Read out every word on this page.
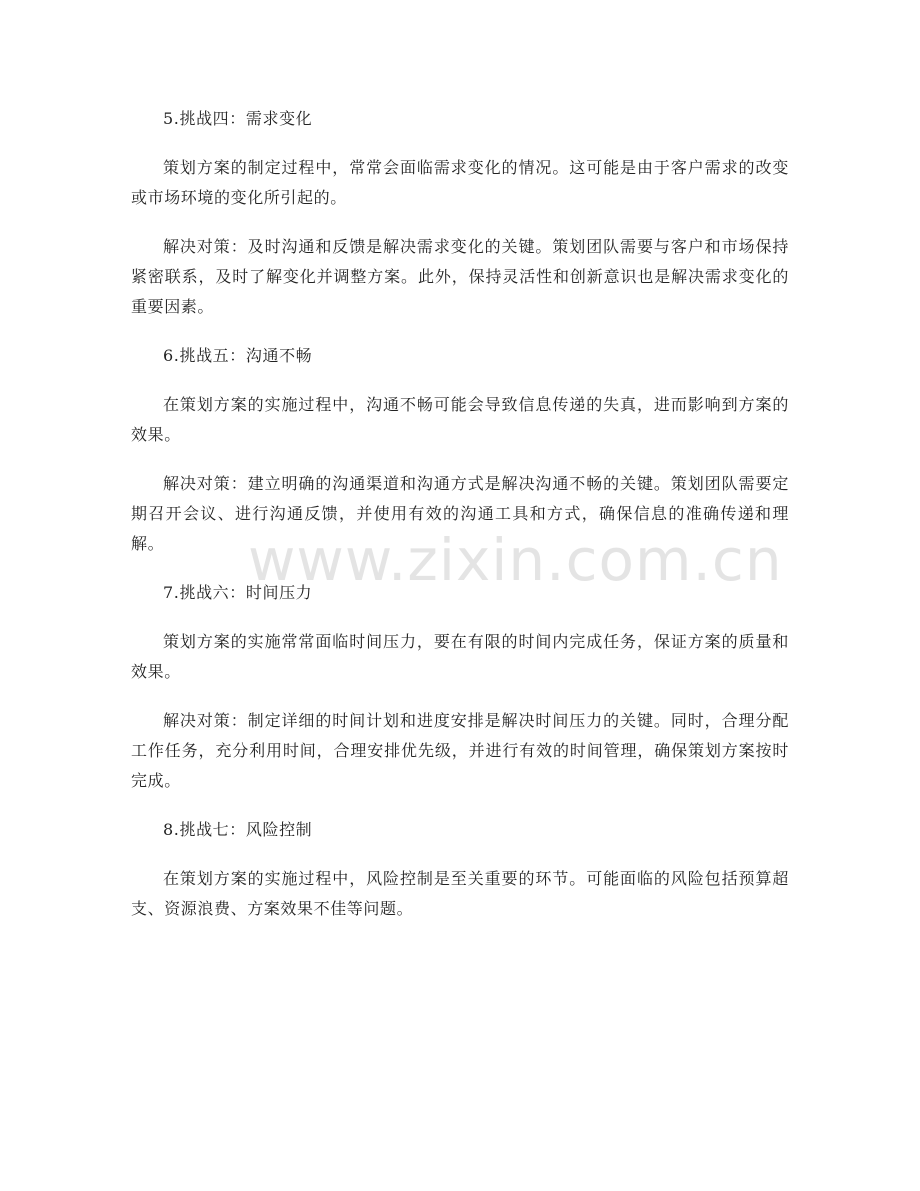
5.挑战四：需求变化

策划方案的制定过程中，常常会面临需求变化的情况。这可能是由于客户需求的改变或市场环境的变化所引起的。

解决对策：及时沟通和反馈是解决需求变化的关键。策划团队需要与客户和市场保持紧密联系，及时了解变化并调整方案。此外，保持灵活性和创新意识也是解决需求变化的重要因素。

6.挑战五：沟通不畅

在策划方案的实施过程中，沟通不畅可能会导致信息传递的失真，进而影响到方案的效果。

解决对策：建立明确的沟通渠道和沟通方式是解决沟通不畅的关键。策划团队需要定期召开会议、进行沟通反馈，并使用有效的沟通工具和方式，确保信息的准确传递和理解。

7.挑战六：时间压力

策划方案的实施常常面临时间压力，要在有限的时间内完成任务，保证方案的质量和效果。

解决对策：制定详细的时间计划和进度安排是解决时间压力的关键。同时，合理分配工作任务，充分利用时间，合理安排优先级，并进行有效的时间管理，确保策划方案按时完成。

8.挑战七：风险控制

在策划方案的实施过程中，风险控制是至关重要的环节。可能面临的风险包括预算超支、资源浪费、方案效果不佳等问题。

www.zixin.com.cn
